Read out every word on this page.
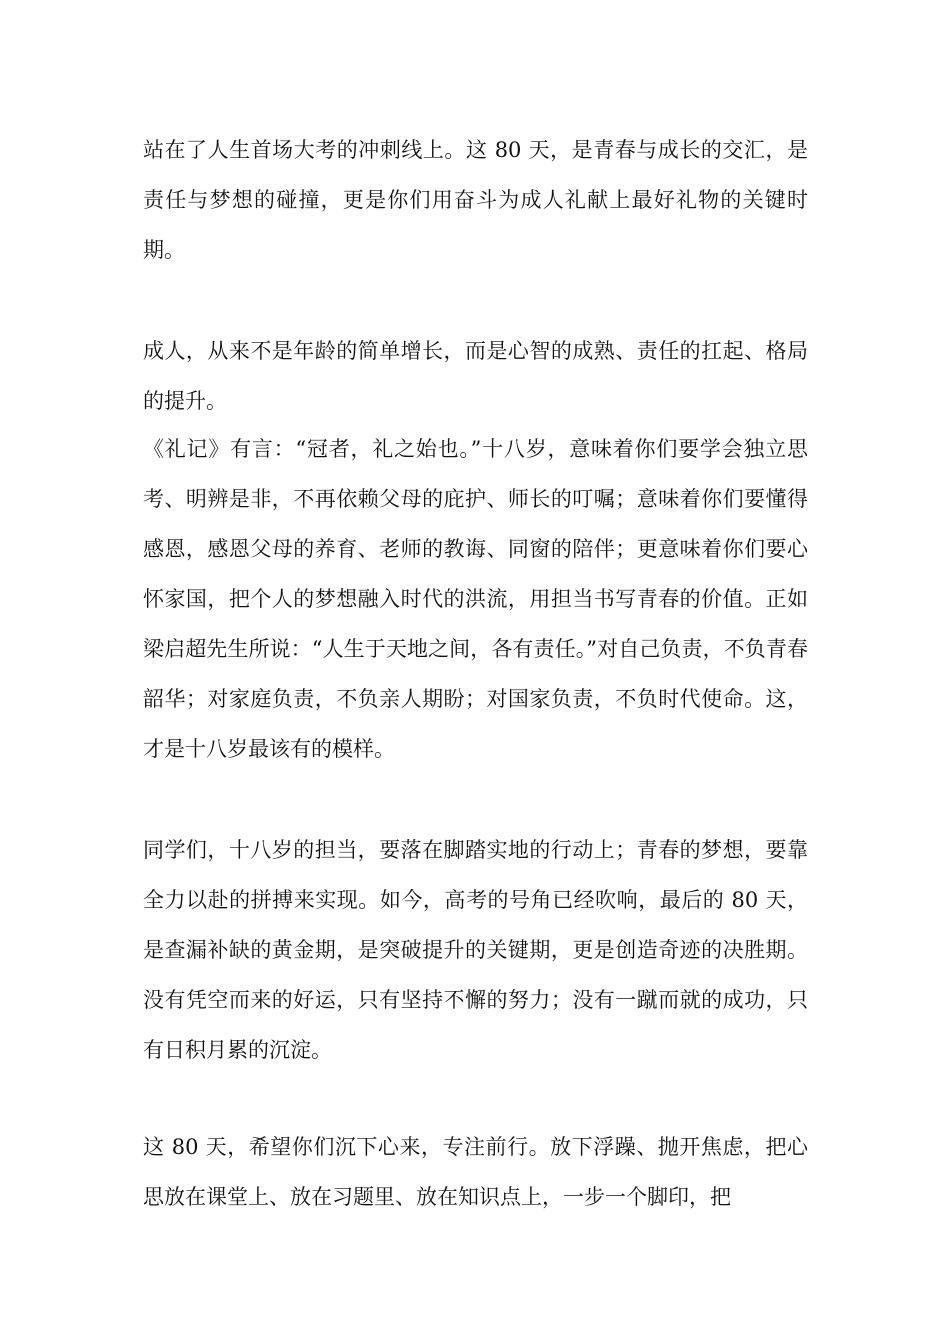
站在了人生首场大考的冲刺线上。这 80 天，是青春与成长的交汇，是责任与梦想的碰撞，更是你们用奋斗为成人礼献上最好礼物的关键时期。

成人，从来不是年龄的简单增长，而是心智的成熟、责任的扛起、格局的提升。

《礼记》有言：“冠者，礼之始也。”十八岁，意味着你们要学会独立思考、明辨是非，不再依赖父母的庇护、师长的叮嘱；意味着你们要懂得感恩，感恩父母的养育、老师的教诲、同窗的陪伴；更意味着你们要心怀家国，把个人的梦想融入时代的洪流，用担当书写青春的价值。正如梁启超先生所说：“人生于天地之间，各有责任。”对自己负责，不负青春韶华；对家庭负责，不负亲人期盼；对国家负责，不负时代使命。这，才是十八岁最该有的模样。

同学们，十八岁的担当，要落在脚踏实地的行动上；青春的梦想，要靠全力以赴的拼搏来实现。如今，高考的号角已经吹响，最后的 80 天，是查漏补缺的黄金期，是突破提升的关键期，更是创造奇迹的决胜期。没有凭空而来的好运，只有坚持不懈的努力；没有一蹴而就的成功，只有日积月累的沉淀。

这 80 天，希望你们沉下心来，专注前行。放下浮躁、抛开焦虑，把心思放在课堂上、放在习题里、放在知识点上，一步一个脚印，把
